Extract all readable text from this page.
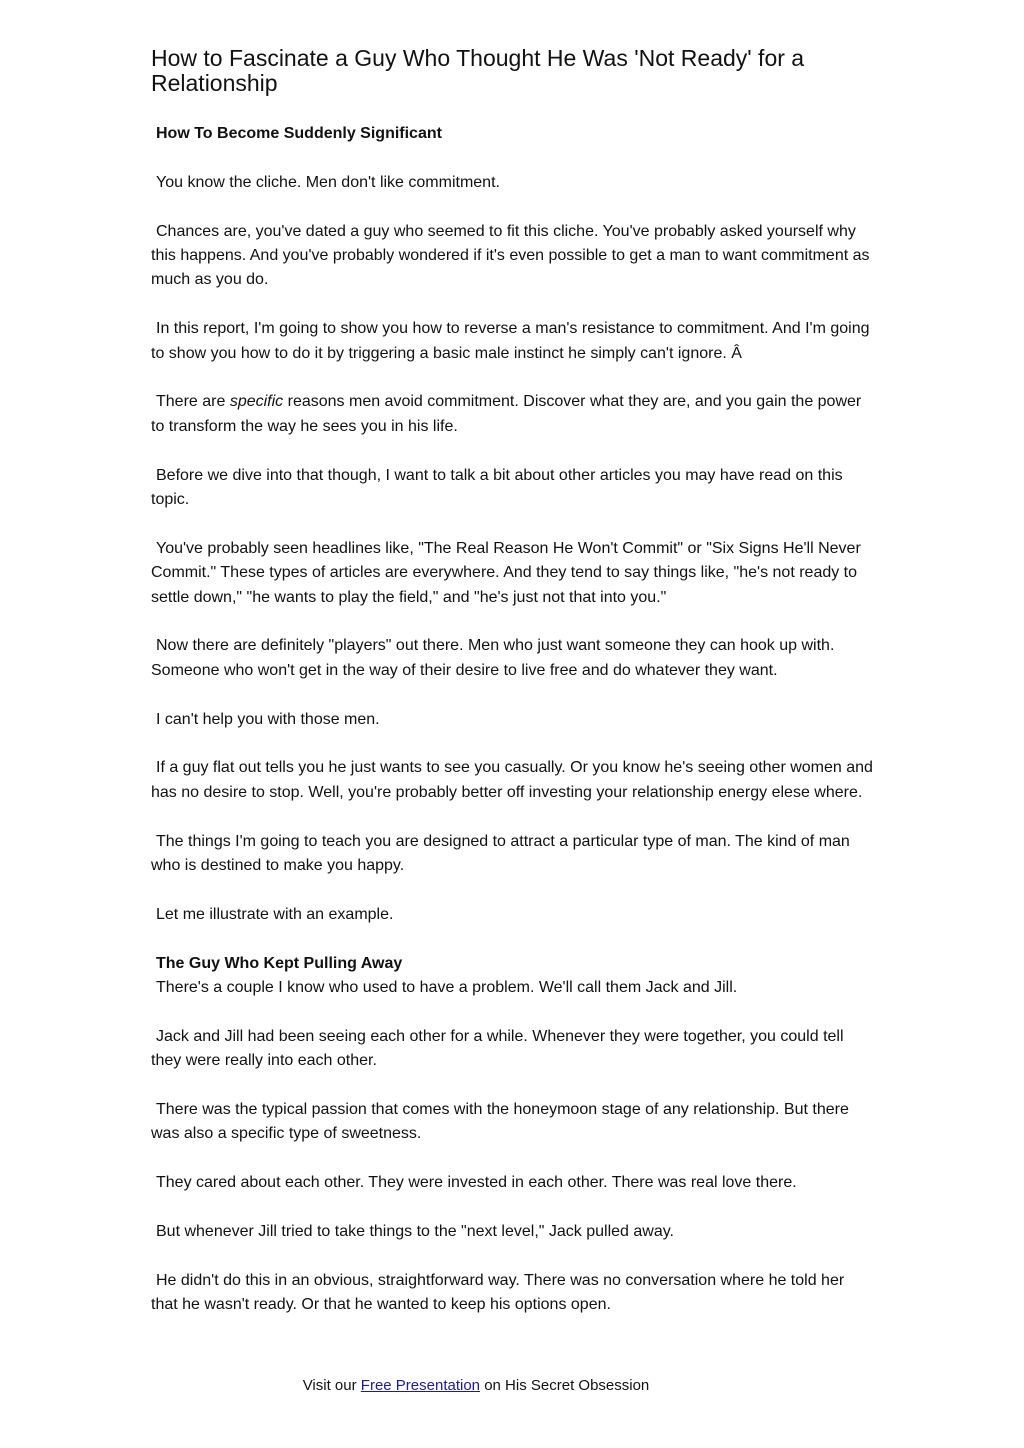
How to Fascinate a Guy Who Thought He Was 'Not Ready' for a Relationship
How To Become Suddenly Significant

You know the cliche. Men don't like commitment.

Chances are, you've dated a guy who seemed to fit this cliche. You've probably asked yourself why this happens. And you've probably wondered if it's even possible to get a man to want commitment as much as you do.

In this report, I'm going to show you how to reverse a man's resistance to commitment. And I'm going to show you how to do it by triggering a basic male instinct he simply can't ignore. Â

There are specific reasons men avoid commitment. Discover what they are, and you gain the power to transform the way he sees you in his life.

Before we dive into that though, I want to talk a bit about other articles you may have read on this topic.

You've probably seen headlines like, "The Real Reason He Won't Commit" or "Six Signs He'll Never Commit." These types of articles are everywhere. And they tend to say things like, "he's not ready to settle down," "he wants to play the field," and "he's just not that into you."

Now there are definitely "players" out there. Men who just want someone they can hook up with. Someone who won't get in the way of their desire to live free and do whatever they want.

I can't help you with those men.

If a guy flat out tells you he just wants to see you casually. Or you know he's seeing other women and has no desire to stop. Well, you're probably better off investing your relationship energy elese where.

The things I'm going to teach you are designed to attract a particular type of man. The kind of man who is destined to make you happy.

Let me illustrate with an example.

The Guy Who Kept Pulling Away

There's a couple I know who used to have a problem. We'll call them Jack and Jill.

Jack and Jill had been seeing each other for a while. Whenever they were together, you could tell they were really into each other.

There was the typical passion that comes with the honeymoon stage of any relationship. But there was also a specific type of sweetness.

They cared about each other. They were invested in each other. There was real love there.

But whenever Jill tried to take things to the "next level," Jack pulled away.

He didn't do this in an obvious, straightforward way. There was no conversation where he told her that he wasn't ready. Or that he wanted to keep his options open.

Visit our Free Presentation on His Secret Obsession
